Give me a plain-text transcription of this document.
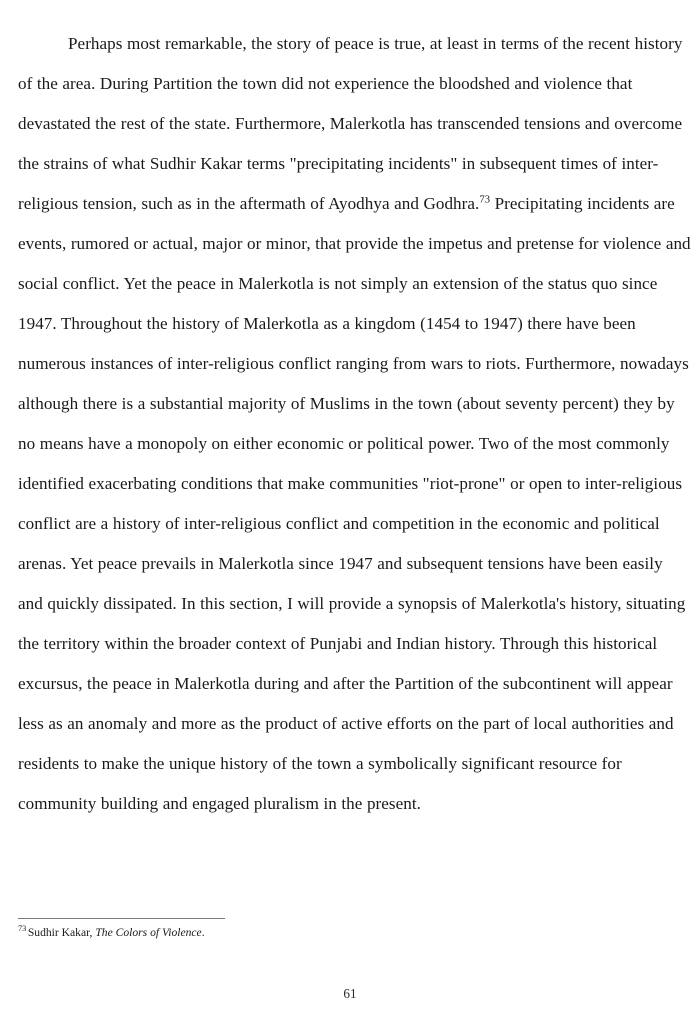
Perhaps most remarkable, the story of peace is true, at least in terms of the recent history of the area. During Partition the town did not experience the bloodshed and violence that devastated the rest of the state. Furthermore, Malerkotla has transcended tensions and overcome the strains of what Sudhir Kakar terms "precipitating incidents" in subsequent times of inter-religious tension, such as in the aftermath of Ayodhya and Godhra.$^{73}$ Precipitating incidents are events, rumored or actual, major or minor, that provide the impetus and pretense for violence and social conflict. Yet the peace in Malerkotla is not simply an extension of the status quo since 1947. Throughout the history of Malerkotla as a kingdom (1454 to 1947) there have been numerous instances of inter-religious conflict ranging from wars to riots. Furthermore, nowadays although there is a substantial majority of Muslims in the town (about seventy percent) they by no means have a monopoly on either economic or political power. Two of the most commonly identified exacerbating conditions that make communities "riot-prone" or open to inter-religious conflict are a history of inter-religious conflict and competition in the economic and political arenas. Yet peace prevails in Malerkotla since 1947 and subsequent tensions have been easily and quickly dissipated. In this section, I will provide a synopsis of Malerkotla's history, situating the territory within the broader context of Punjabi and Indian history. Through this historical excursus, the peace in Malerkotla during and after the Partition of the subcontinent will appear less as an anomaly and more as the product of active efforts on the part of local authorities and residents to make the unique history of the town a symbolically significant resource for community building and engaged pluralism in the present.

$^{73}$ Sudhir Kakar, The Colors of Violence.
61
